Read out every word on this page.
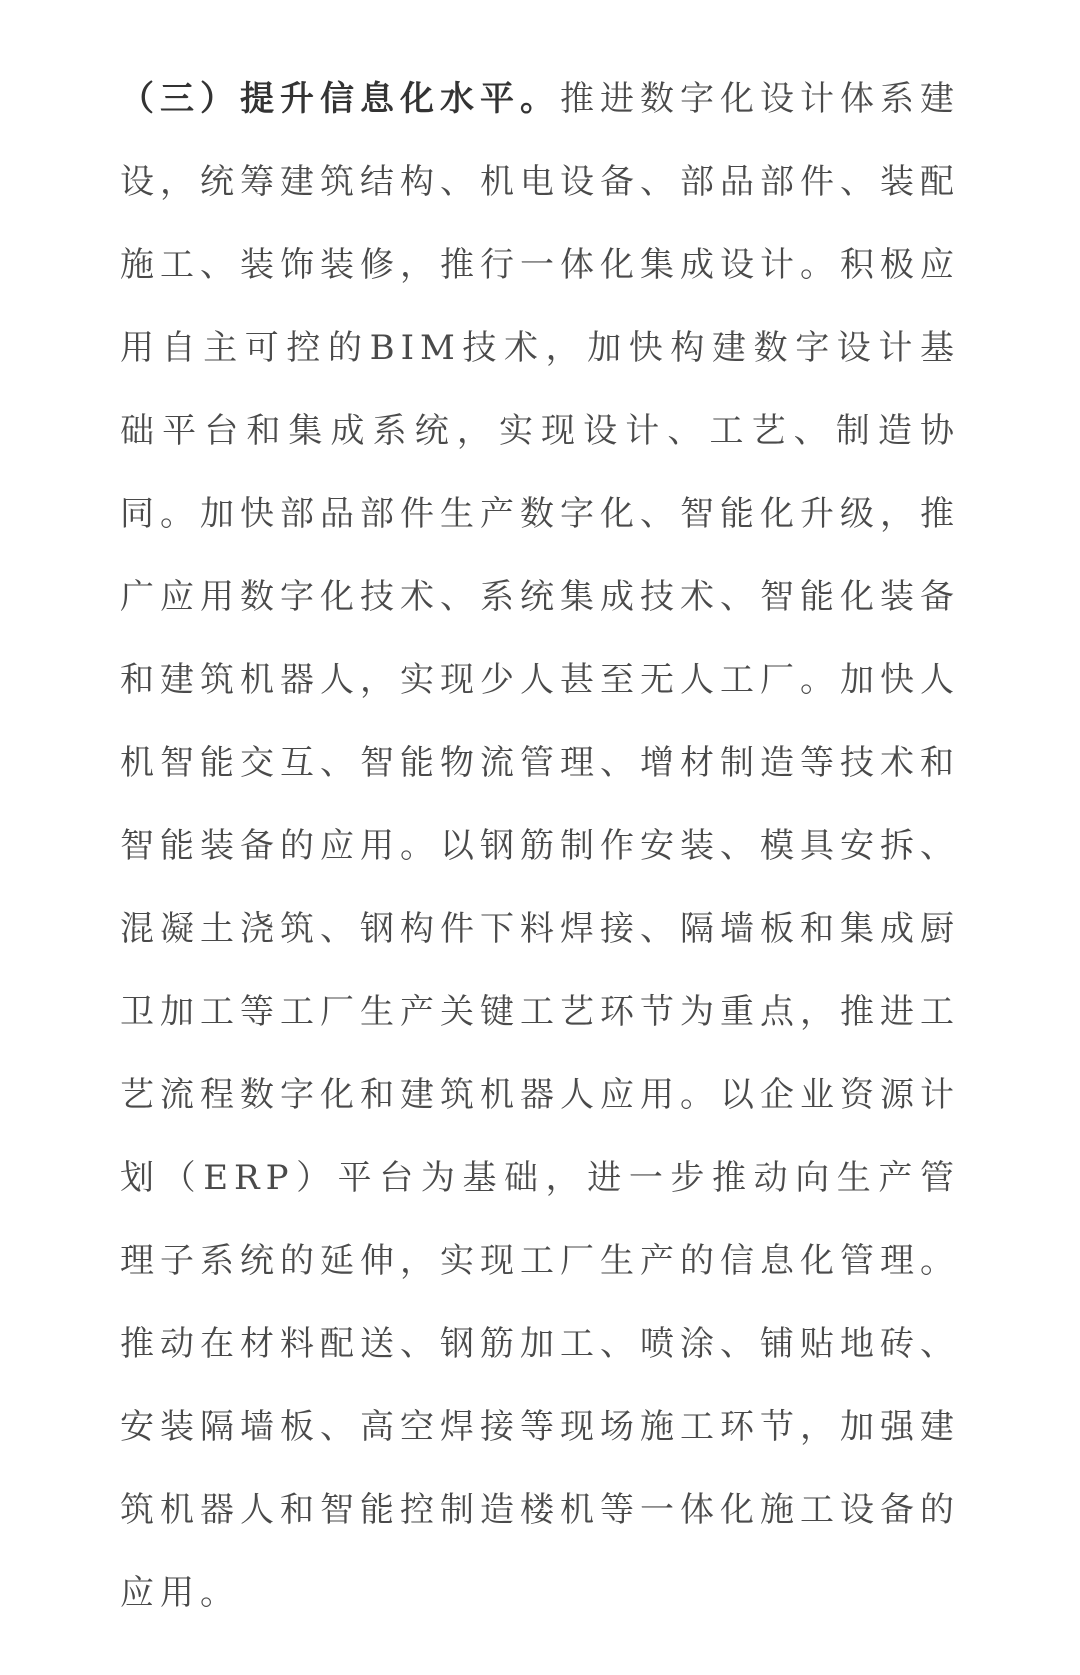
（三）提升信息化水平。推进数字化设计体系建设，统筹建筑结构、机电设备、部品部件、装配施工、装饰装修，推行一体化集成设计。积极应用自主可控的BIM技术，加快构建数字设计基础平台和集成系统，实现设计、工艺、制造协同。加快部品部件生产数字化、智能化升级，推广应用数字化技术、系统集成技术、智能化装备和建筑机器人，实现少人甚至无人工厂。加快人机智能交互、智能物流管理、增材制造等技术和智能装备的应用。以钢筋制作安装、模具安拆、混凝土浇筑、钢构件下料焊接、隔墙板和集成厨卫加工等工厂生产关键工艺环节为重点，推进工艺流程数字化和建筑机器人应用。以企业资源计划（ERP）平台为基础，进一步推动向生产管理子系统的延伸，实现工厂生产的信息化管理。推动在材料配送、钢筋加工、喷涂、铺贴地砖、安装隔墙板、高空焊接等现场施工环节，加强建筑机器人和智能控制造楼机等一体化施工设备的应用。
